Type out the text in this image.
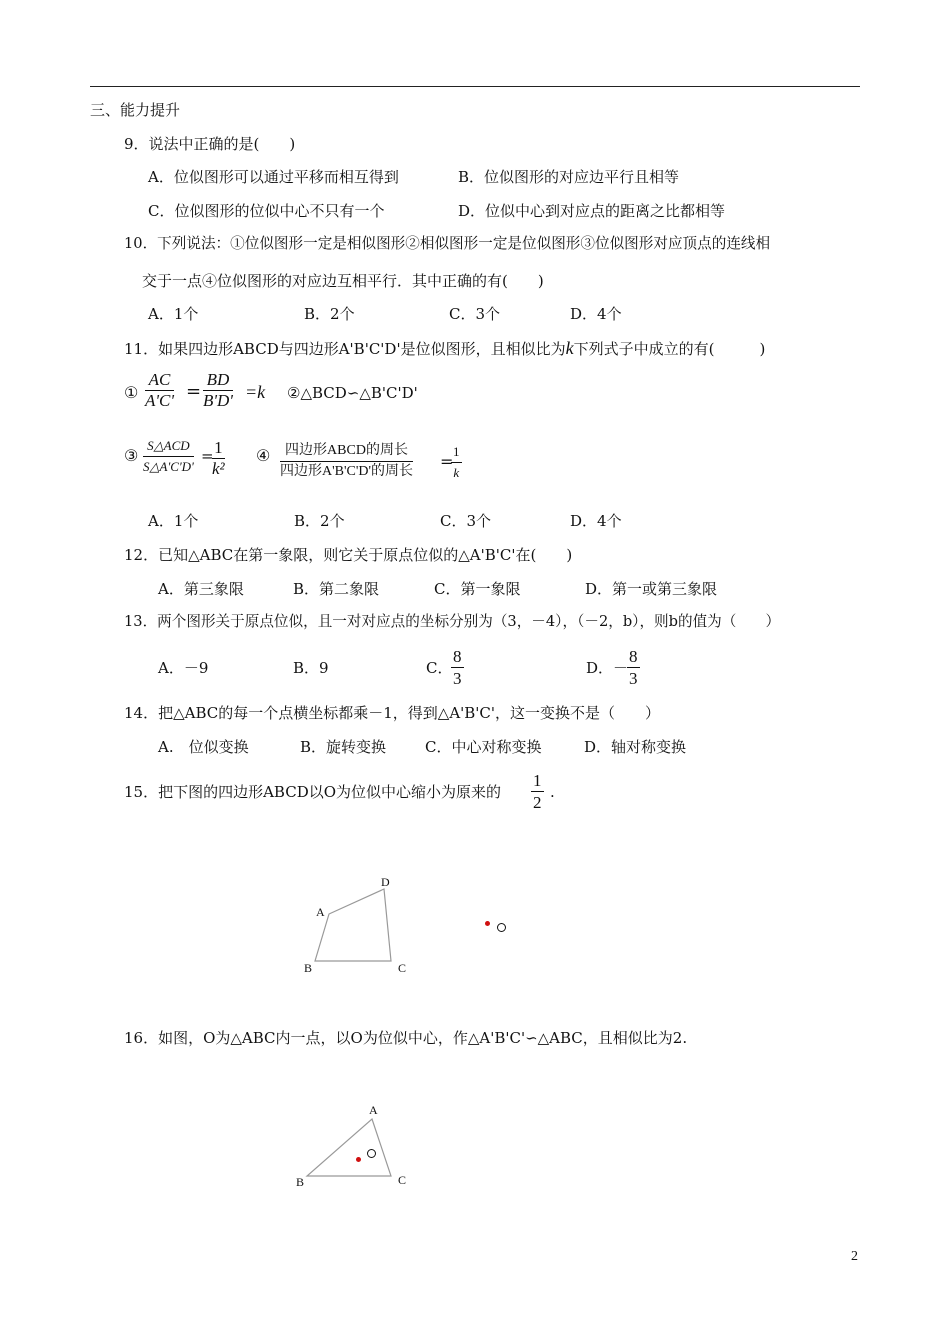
三、能力提升
9．说法中正确的是(　　)
A．位似图形可以通过平移而相互得到	B．位似图形的对应边平行且相等
C．位似图形的位似中心不只有一个	D．位似中心到对应点的距离之比都相等
10．下列说法：①位似图形一定是相似图形②相似图形一定是位似图形③位似图形对应顶点的连线相
交于一点④位似图形的对应边互相平行．其中正确的有(　　)
A．1个	B．2个	C．3个	D．4个
11．如果四边形ABCD与四边形A'B'C'D'是位似图形，且相似比为k下列式子中成立的有(　　　)
① $\frac{AC}{A'C'} = \frac{BD}{B'D'} =k$ ②△BCD∽△B'C'D'
③
S△ACD
S△A'C'D'
=
$\frac{1}{\text{k²}}$ ④	四边形ABCD的周长
四边形A'B'C'D'的周长
=
$\frac{1}{k}$
A．1个	B．2个	C．3个	D．4个
12．已知△ABC在第一象限，则它关于原点位似的△A'B'C'在(　　)
A．第三象限	B．第二象限	C．第一象限	D．第一或第三象限
13．两个图形关于原点位似，且一对对应点的坐标分别为（3，－4），（－2，b），则b的值为（　　）
A．－9	B．9	C．
$\frac{8}{3}$	D．－
$\frac{8}{3}$
14．把△ABC的每一个点横坐标都乘－1，得到△A'B'C'，这一变换不是（　　）
A.　位似变换	B．旋转变换	C．中心对称变换	D．轴对称变换
15．把下图的四边形ABCD以O为位似中心缩小为原来的 $\frac{1}{2}$ .
A
D
B	C
16．如图，O为△ABC内一点，以O为位似中心，作△A'B'C'∽△ABC，且相似比为2.
A
B	C
2
